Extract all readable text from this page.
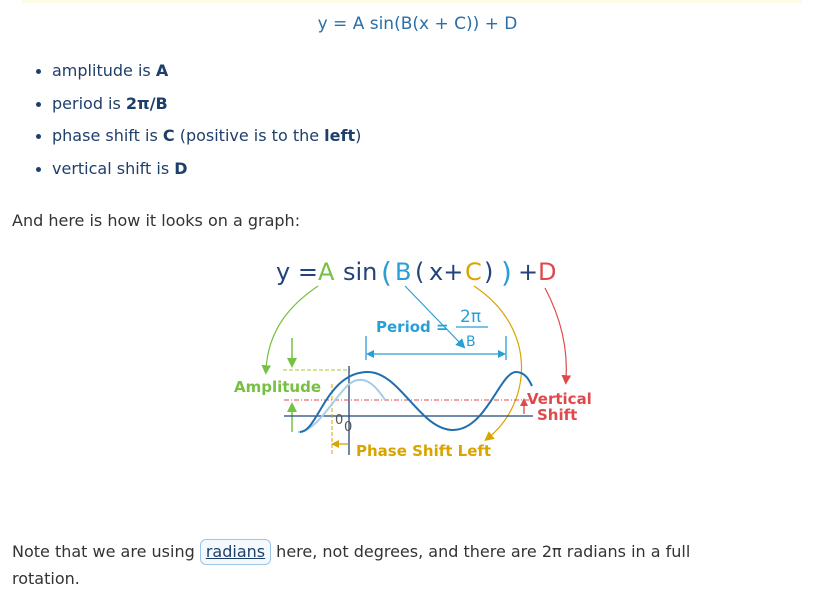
y = A sin(B(x + C)) + D
amplitude is A
period is 2π/B
phase shift is C (positive is to the left)
vertical shift is D
And here is how it looks on a graph:
y = A sin ( B ( x+ C ) ) + D
Period = 2π
B
Amplitude
Vertical
Shift
Phase Shift Left
0 0
Note that we are using radians here, not degrees, and there are 2π radians in a full rotation.
